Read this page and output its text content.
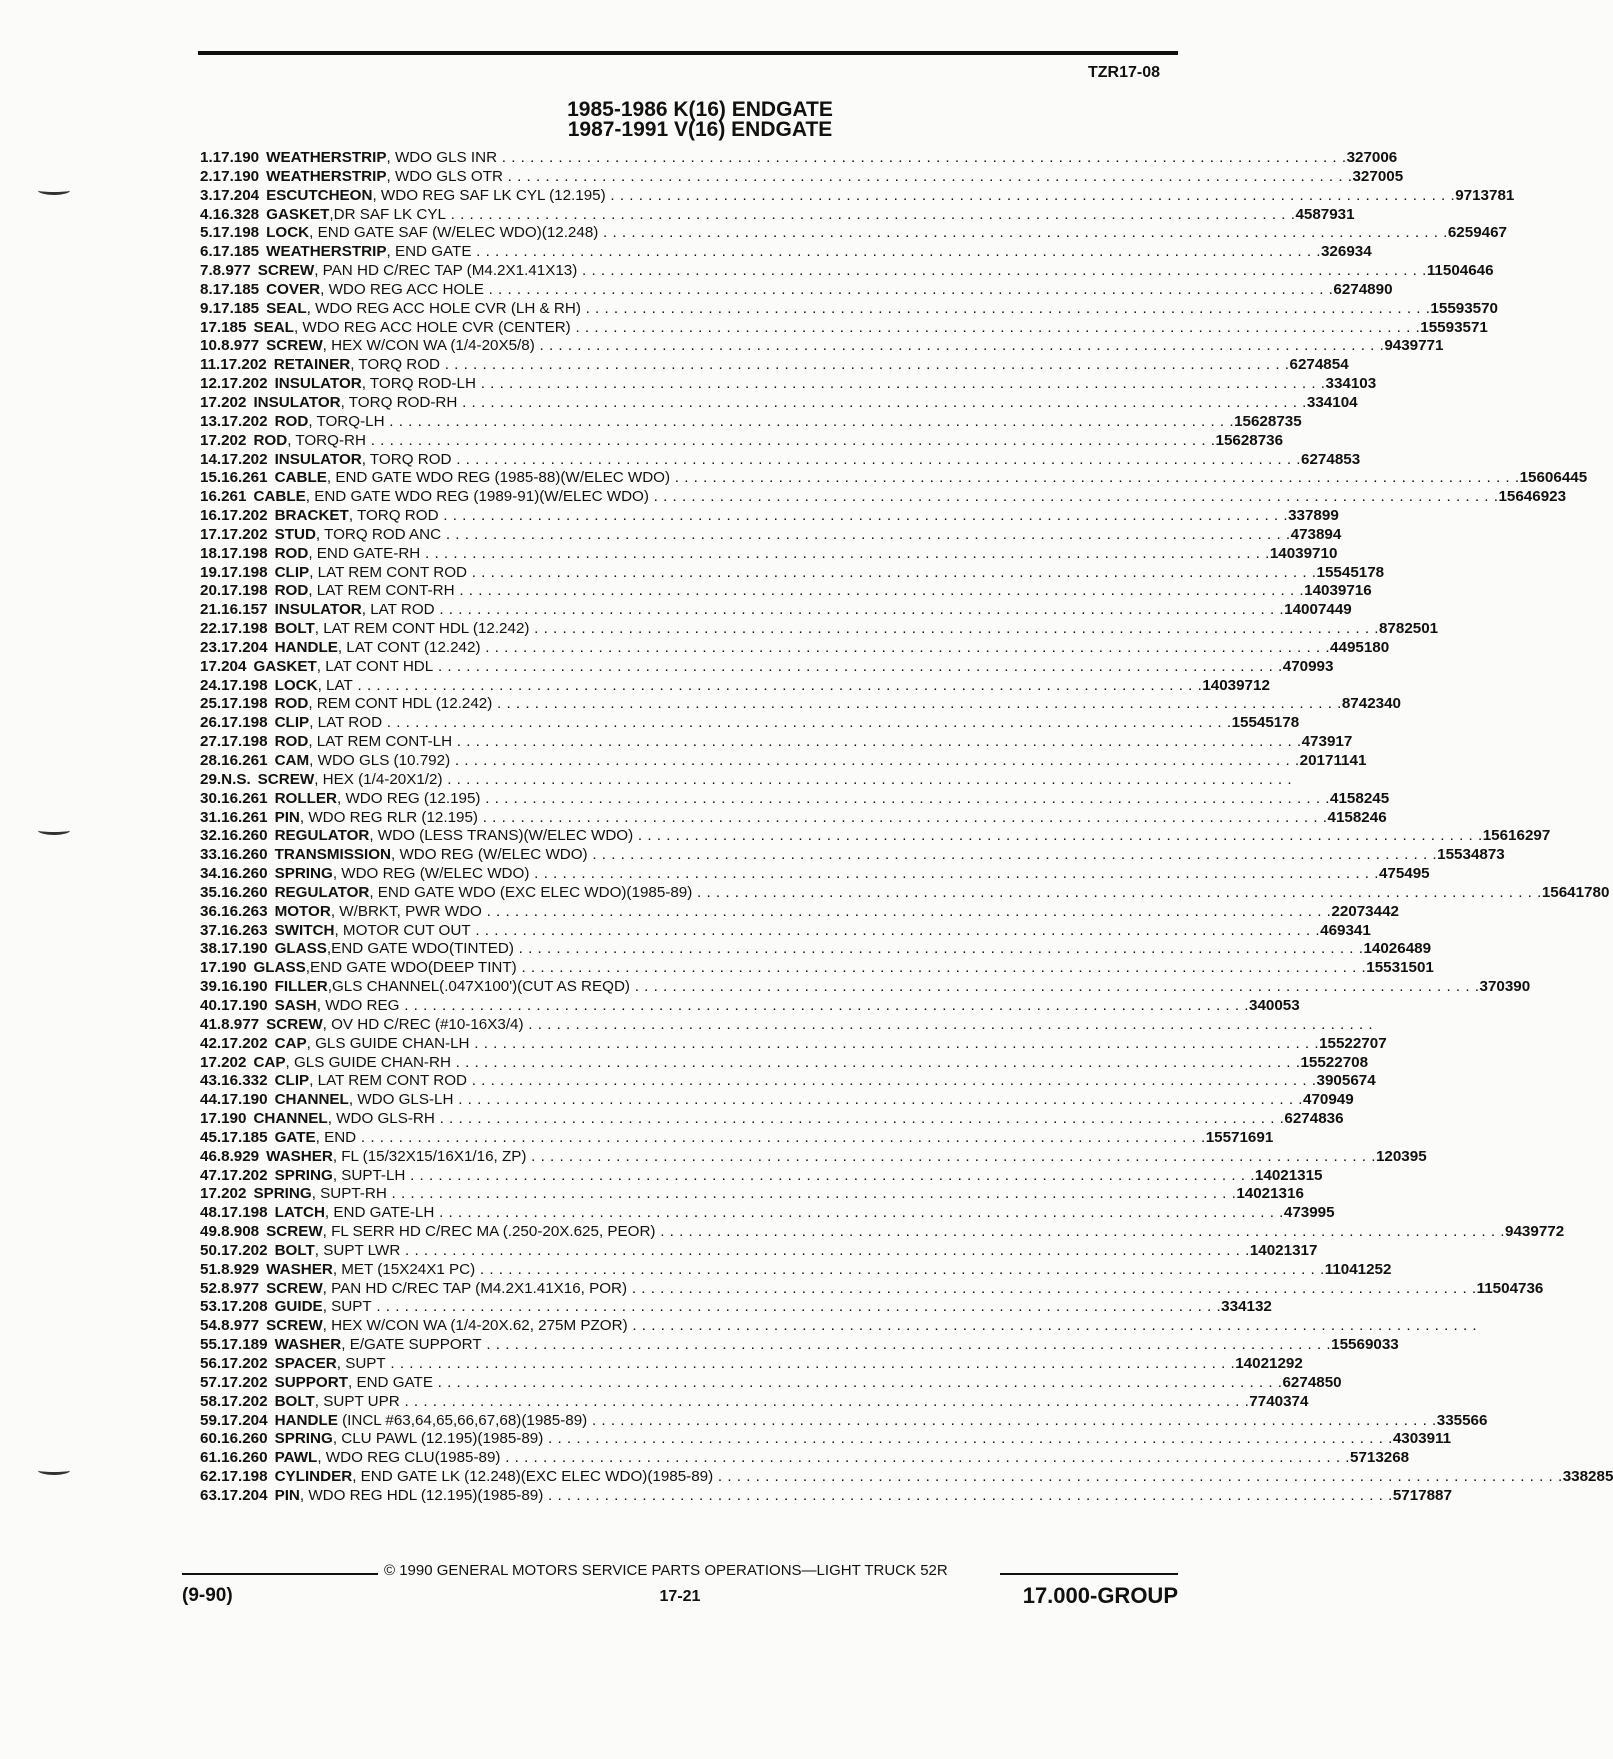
TZR17-08
1985-1986 K(16) ENDGATE
1987-1991 V(16) ENDGATE
1. 17.190 WEATHERSTRIP, WDO GLS INR . . . . . . . . . . . . . . . . . . . . . . . . . . . . . . . . . . . . . . . . . . . . . . . . . . . . . . . . . . . . . . . . . . . . . . . . . . . . . . . . . . . . . . . . . . 327006
2. 17.190 WEATHERSTRIP, WDO GLS OTR . . . . . . . . . . . . . . . . . . . . . . . . . . . . . . . . . . . . . . . . . . . . . . . . . . . . . . . . . . . . . . . . . . . . . . . . . . . . . . . . . . . . . . . . . . 327005
3. 17.204 ESCUTCHEON, WDO REG SAF LK CYL (12.195) . . . . . . . . . . . . . . . . . . . . . . . . . . . . . . . . . . . . . . . . . . . . . . . . . . . . . . . . . . . . . . . . . . . . . . . . . . . . . . . . . . . . . . . . . . 9713781
4. 16.328 GASKET,DR SAF LK CYL . . . . . . . . . . . . . . . . . . . . . . . . . . . . . . . . . . . . . . . . . . . . . . . . . . . . . . . . . . . . . . . . . . . . . . . . . . . . . . . . . . . . . . . . . . 4587931
5. 17.198 LOCK, END GATE SAF (W/ELEC WDO)(12.248) . . . . . . . . . . . . . . . . . . . . . . . . . . . . . . . . . . . . . . . . . . . . . . . . . . . . . . . . . . . . . . . . . . . . . . . . . . . . . . . . . . . . . . . . . . 6259467
6. 17.185 WEATHERSTRIP, END GATE . . . . . . . . . . . . . . . . . . . . . . . . . . . . . . . . . . . . . . . . . . . . . . . . . . . . . . . . . . . . . . . . . . . . . . . . . . . . . . . . . . . . . . . . . . 326934
7. 8.977 SCREW, PAN HD C/REC TAP (M4.2X1.41X13) . . . . . . . . . . . . . . . . . . . . . . . . . . . . . . . . . . . . . . . . . . . . . . . . . . . . . . . . . . . . . . . . . . . . . . . . . . . . . . . . . . . . . . . . . . 11504646
8. 17.185 COVER, WDO REG ACC HOLE . . . . . . . . . . . . . . . . . . . . . . . . . . . . . . . . . . . . . . . . . . . . . . . . . . . . . . . . . . . . . . . . . . . . . . . . . . . . . . . . . . . . . . . . . . 6274890
9. 17.185 SEAL, WDO REG ACC HOLE CVR (LH & RH) . . . . . . . . . . . . . . . . . . . . . . . . . . . . . . . . . . . . . . . . . . . . . . . . . . . . . . . . . . . . . . . . . . . . . . . . . . . . . . . . . . . . . . . . . . 15593570
17.185 SEAL, WDO REG ACC HOLE CVR (CENTER) . . . . . . . . . . . . . . . . . . . . . . . . . . . . . . . . . . . . . . . . . . . . . . . . . . . . . . . . . . . . . . . . . . . . . . . . . . . . . . . . . . . . . . . . . . 15593571
10. 8.977 SCREW, HEX W/CON WA (1/4-20X5/8) . . . . . . . . . . . . . . . . . . . . . . . . . . . . . . . . . . . . . . . . . . . . . . . . . . . . . . . . . . . . . . . . . . . . . . . . . . . . . . . . . . . . . . . . . . 9439771
11. 17.202 RETAINER, TORQ ROD . . . . . . . . . . . . . . . . . . . . . . . . . . . . . . . . . . . . . . . . . . . . . . . . . . . . . . . . . . . . . . . . . . . . . . . . . . . . . . . . . . . . . . . . . . 6274854
12. 17.202 INSULATOR, TORQ ROD-LH . . . . . . . . . . . . . . . . . . . . . . . . . . . . . . . . . . . . . . . . . . . . . . . . . . . . . . . . . . . . . . . . . . . . . . . . . . . . . . . . . . . . . . . . . . 334103
17.202 INSULATOR, TORQ ROD-RH . . . . . . . . . . . . . . . . . . . . . . . . . . . . . . . . . . . . . . . . . . . . . . . . . . . . . . . . . . . . . . . . . . . . . . . . . . . . . . . . . . . . . . . . . . 334104
13. 17.202 ROD, TORQ-LH . . . . . . . . . . . . . . . . . . . . . . . . . . . . . . . . . . . . . . . . . . . . . . . . . . . . . . . . . . . . . . . . . . . . . . . . . . . . . . . . . . . . . . . . . . 15628735
17.202 ROD, TORQ-RH . . . . . . . . . . . . . . . . . . . . . . . . . . . . . . . . . . . . . . . . . . . . . . . . . . . . . . . . . . . . . . . . . . . . . . . . . . . . . . . . . . . . . . . . . . 15628736
14. 17.202 INSULATOR, TORQ ROD . . . . . . . . . . . . . . . . . . . . . . . . . . . . . . . . . . . . . . . . . . . . . . . . . . . . . . . . . . . . . . . . . . . . . . . . . . . . . . . . . . . . . . . . . . 6274853
15. 16.261 CABLE, END GATE WDO REG (1985-88)(W/ELEC WDO) . . . . . . . . . . . . . . . . . . . . . . . . . . . . . . . . . . . . . . . . . . . . . . . . . . . . . . . . . . . . . . . . . . . . . . . . . . . . . . . . . . . . . . . . . . 15606445
16.261 CABLE, END GATE WDO REG (1989-91)(W/ELEC WDO) . . . . . . . . . . . . . . . . . . . . . . . . . . . . . . . . . . . . . . . . . . . . . . . . . . . . . . . . . . . . . . . . . . . . . . . . . . . . . . . . . . . . . . . . . . 15646923
16. 17.202 BRACKET, TORQ ROD . . . . . . . . . . . . . . . . . . . . . . . . . . . . . . . . . . . . . . . . . . . . . . . . . . . . . . . . . . . . . . . . . . . . . . . . . . . . . . . . . . . . . . . . . . 337899
17. 17.202 STUD, TORQ ROD ANC . . . . . . . . . . . . . . . . . . . . . . . . . . . . . . . . . . . . . . . . . . . . . . . . . . . . . . . . . . . . . . . . . . . . . . . . . . . . . . . . . . . . . . . . . . 473894
18. 17.198 ROD, END GATE-RH . . . . . . . . . . . . . . . . . . . . . . . . . . . . . . . . . . . . . . . . . . . . . . . . . . . . . . . . . . . . . . . . . . . . . . . . . . . . . . . . . . . . . . . . . . 14039710
19. 17.198 CLIP, LAT REM CONT ROD . . . . . . . . . . . . . . . . . . . . . . . . . . . . . . . . . . . . . . . . . . . . . . . . . . . . . . . . . . . . . . . . . . . . . . . . . . . . . . . . . . . . . . . . . . 15545178
20. 17.198 ROD, LAT REM CONT-RH . . . . . . . . . . . . . . . . . . . . . . . . . . . . . . . . . . . . . . . . . . . . . . . . . . . . . . . . . . . . . . . . . . . . . . . . . . . . . . . . . . . . . . . . . . 14039716
21. 16.157 INSULATOR, LAT ROD . . . . . . . . . . . . . . . . . . . . . . . . . . . . . . . . . . . . . . . . . . . . . . . . . . . . . . . . . . . . . . . . . . . . . . . . . . . . . . . . . . . . . . . . . . 14007449
22. 17.198 BOLT, LAT REM CONT HDL (12.242) . . . . . . . . . . . . . . . . . . . . . . . . . . . . . . . . . . . . . . . . . . . . . . . . . . . . . . . . . . . . . . . . . . . . . . . . . . . . . . . . . . . . . . . . . . 8782501
23. 17.204 HANDLE, LAT CONT (12.242) . . . . . . . . . . . . . . . . . . . . . . . . . . . . . . . . . . . . . . . . . . . . . . . . . . . . . . . . . . . . . . . . . . . . . . . . . . . . . . . . . . . . . . . . . . 4495180
17.204 GASKET, LAT CONT HDL . . . . . . . . . . . . . . . . . . . . . . . . . . . . . . . . . . . . . . . . . . . . . . . . . . . . . . . . . . . . . . . . . . . . . . . . . . . . . . . . . . . . . . . . . . 470993
24. 17.198 LOCK, LAT . . . . . . . . . . . . . . . . . . . . . . . . . . . . . . . . . . . . . . . . . . . . . . . . . . . . . . . . . . . . . . . . . . . . . . . . . . . . . . . . . . . . . . . . . . 14039712
25. 17.198 ROD, REM CONT HDL (12.242) . . . . . . . . . . . . . . . . . . . . . . . . . . . . . . . . . . . . . . . . . . . . . . . . . . . . . . . . . . . . . . . . . . . . . . . . . . . . . . . . . . . . . . . . . . 8742340
26. 17.198 CLIP, LAT ROD . . . . . . . . . . . . . . . . . . . . . . . . . . . . . . . . . . . . . . . . . . . . . . . . . . . . . . . . . . . . . . . . . . . . . . . . . . . . . . . . . . . . . . . . . . 15545178
27. 17.198 ROD, LAT REM CONT-LH . . . . . . . . . . . . . . . . . . . . . . . . . . . . . . . . . . . . . . . . . . . . . . . . . . . . . . . . . . . . . . . . . . . . . . . . . . . . . . . . . . . . . . . . . . 473917
28. 16.261 CAM, WDO GLS (10.792) . . . . . . . . . . . . . . . . . . . . . . . . . . . . . . . . . . . . . . . . . . . . . . . . . . . . . . . . . . . . . . . . . . . . . . . . . . . . . . . . . . . . . . . . . . 20171141
29. N.S. SCREW, HEX (1/4-20X1/2) . . . . . . . . . . . . . . . . . . . . . . . . . . . . . . . . . . . . . . . . . . . . . . . . . . . . . . . . . . . . . . . . . . . . . . . . . . . . . . . . . . . . . . . . . .
30. 16.261 ROLLER, WDO REG (12.195) . . . . . . . . . . . . . . . . . . . . . . . . . . . . . . . . . . . . . . . . . . . . . . . . . . . . . . . . . . . . . . . . . . . . . . . . . . . . . . . . . . . . . . . . . . 4158245
31. 16.261 PIN, WDO REG RLR (12.195) . . . . . . . . . . . . . . . . . . . . . . . . . . . . . . . . . . . . . . . . . . . . . . . . . . . . . . . . . . . . . . . . . . . . . . . . . . . . . . . . . . . . . . . . . . 4158246
32. 16.260 REGULATOR, WDO (LESS TRANS)(W/ELEC WDO) . . . . . . . . . . . . . . . . . . . . . . . . . . . . . . . . . . . . . . . . . . . . . . . . . . . . . . . . . . . . . . . . . . . . . . . . . . . . . . . . . . . . . . . . . . 15616297
33. 16.260 TRANSMISSION, WDO REG (W/ELEC WDO) . . . . . . . . . . . . . . . . . . . . . . . . . . . . . . . . . . . . . . . . . . . . . . . . . . . . . . . . . . . . . . . . . . . . . . . . . . . . . . . . . . . . . . . . . . 15534873
34. 16.260 SPRING, WDO REG (W/ELEC WDO) . . . . . . . . . . . . . . . . . . . . . . . . . . . . . . . . . . . . . . . . . . . . . . . . . . . . . . . . . . . . . . . . . . . . . . . . . . . . . . . . . . . . . . . . . . 475495
35. 16.260 REGULATOR, END GATE WDO (EXC ELEC WDO)(1985-89) . . . . . . . . . . . . . . . . . . . . . . . . . . . . . . . . . . . . . . . . . . . . . . . . . . . . . . . . . . . . . . . . . . . . . . . . . . . . . . . . . . . . . . . . . . 15641780
36. 16.263 MOTOR, W/BRKT, PWR WDO . . . . . . . . . . . . . . . . . . . . . . . . . . . . . . . . . . . . . . . . . . . . . . . . . . . . . . . . . . . . . . . . . . . . . . . . . . . . . . . . . . . . . . . . . . 22073442
37. 16.263 SWITCH, MOTOR CUT OUT . . . . . . . . . . . . . . . . . . . . . . . . . . . . . . . . . . . . . . . . . . . . . . . . . . . . . . . . . . . . . . . . . . . . . . . . . . . . . . . . . . . . . . . . . . 469341
38. 17.190 GLASS,END GATE WDO(TINTED) . . . . . . . . . . . . . . . . . . . . . . . . . . . . . . . . . . . . . . . . . . . . . . . . . . . . . . . . . . . . . . . . . . . . . . . . . . . . . . . . . . . . . . . . . . 14026489
17.190 GLASS,END GATE WDO(DEEP TINT) . . . . . . . . . . . . . . . . . . . . . . . . . . . . . . . . . . . . . . . . . . . . . . . . . . . . . . . . . . . . . . . . . . . . . . . . . . . . . . . . . . . . . . . . . . 15531501
39. 16.190 FILLER,GLS CHANNEL(.047X100')(CUT AS REQD) . . . . . . . . . . . . . . . . . . . . . . . . . . . . . . . . . . . . . . . . . . . . . . . . . . . . . . . . . . . . . . . . . . . . . . . . . . . . . . . . . . . . . . . . . . 370390
40. 17.190 SASH, WDO REG . . . . . . . . . . . . . . . . . . . . . . . . . . . . . . . . . . . . . . . . . . . . . . . . . . . . . . . . . . . . . . . . . . . . . . . . . . . . . . . . . . . . . . . . . . 340053
41. 8.977 SCREW, OV HD C/REC (#10-16X3/4) . . . . . . . . . . . . . . . . . . . . . . . . . . . . . . . . . . . . . . . . . . . . . . . . . . . . . . . . . . . . . . . . . . . . . . . . . . . . . . . . . . . . . . . . . .
42. 17.202 CAP, GLS GUIDE CHAN-LH . . . . . . . . . . . . . . . . . . . . . . . . . . . . . . . . . . . . . . . . . . . . . . . . . . . . . . . . . . . . . . . . . . . . . . . . . . . . . . . . . . . . . . . . . . 15522707
17.202 CAP, GLS GUIDE CHAN-RH . . . . . . . . . . . . . . . . . . . . . . . . . . . . . . . . . . . . . . . . . . . . . . . . . . . . . . . . . . . . . . . . . . . . . . . . . . . . . . . . . . . . . . . . . . 15522708
43. 16.332 CLIP, LAT REM CONT ROD . . . . . . . . . . . . . . . . . . . . . . . . . . . . . . . . . . . . . . . . . . . . . . . . . . . . . . . . . . . . . . . . . . . . . . . . . . . . . . . . . . . . . . . . . . 3905674
44. 17.190 CHANNEL, WDO GLS-LH . . . . . . . . . . . . . . . . . . . . . . . . . . . . . . . . . . . . . . . . . . . . . . . . . . . . . . . . . . . . . . . . . . . . . . . . . . . . . . . . . . . . . . . . . . 470949
17.190 CHANNEL, WDO GLS-RH . . . . . . . . . . . . . . . . . . . . . . . . . . . . . . . . . . . . . . . . . . . . . . . . . . . . . . . . . . . . . . . . . . . . . . . . . . . . . . . . . . . . . . . . . . 6274836
45. 17.185 GATE, END . . . . . . . . . . . . . . . . . . . . . . . . . . . . . . . . . . . . . . . . . . . . . . . . . . . . . . . . . . . . . . . . . . . . . . . . . . . . . . . . . . . . . . . . . . 15571691
46. 8.929 WASHER, FL (15/32X15/16X1/16, ZP) . . . . . . . . . . . . . . . . . . . . . . . . . . . . . . . . . . . . . . . . . . . . . . . . . . . . . . . . . . . . . . . . . . . . . . . . . . . . . . . . . . . . . . . . . . 120395
47. 17.202 SPRING, SUPT-LH . . . . . . . . . . . . . . . . . . . . . . . . . . . . . . . . . . . . . . . . . . . . . . . . . . . . . . . . . . . . . . . . . . . . . . . . . . . . . . . . . . . . . . . . . . 14021315
17.202 SPRING, SUPT-RH . . . . . . . . . . . . . . . . . . . . . . . . . . . . . . . . . . . . . . . . . . . . . . . . . . . . . . . . . . . . . . . . . . . . . . . . . . . . . . . . . . . . . . . . . . 14021316
48. 17.198 LATCH, END GATE-LH . . . . . . . . . . . . . . . . . . . . . . . . . . . . . . . . . . . . . . . . . . . . . . . . . . . . . . . . . . . . . . . . . . . . . . . . . . . . . . . . . . . . . . . . . . 473995
49. 8.908 SCREW, FL SERR HD C/REC MA (.250-20X.625, PEOR) . . . . . . . . . . . . . . . . . . . . . . . . . . . . . . . . . . . . . . . . . . . . . . . . . . . . . . . . . . . . . . . . . . . . . . . . . . . . . . . . . . . . . . . . . . 9439772
50. 17.202 BOLT, SUPT LWR . . . . . . . . . . . . . . . . . . . . . . . . . . . . . . . . . . . . . . . . . . . . . . . . . . . . . . . . . . . . . . . . . . . . . . . . . . . . . . . . . . . . . . . . . . 14021317
51. 8.929 WASHER, MET (15X24X1 PC) . . . . . . . . . . . . . . . . . . . . . . . . . . . . . . . . . . . . . . . . . . . . . . . . . . . . . . . . . . . . . . . . . . . . . . . . . . . . . . . . . . . . . . . . . . 11041252
52. 8.977 SCREW, PAN HD C/REC TAP (M4.2X1.41X16, POR) . . . . . . . . . . . . . . . . . . . . . . . . . . . . . . . . . . . . . . . . . . . . . . . . . . . . . . . . . . . . . . . . . . . . . . . . . . . . . . . . . . . . . . . . . . 11504736
53. 17.208 GUIDE, SUPT . . . . . . . . . . . . . . . . . . . . . . . . . . . . . . . . . . . . . . . . . . . . . . . . . . . . . . . . . . . . . . . . . . . . . . . . . . . . . . . . . . . . . . . . . . 334132
54. 8.977 SCREW, HEX W/CON WA (1/4-20X.62, 275M PZOR) . . . . . . . . . . . . . . . . . . . . . . . . . . . . . . . . . . . . . . . . . . . . . . . . . . . . . . . . . . . . . . . . . . . . . . . . . . . . . . . . . . . . . . . . . .
55. 17.189 WASHER, E/GATE SUPPORT . . . . . . . . . . . . . . . . . . . . . . . . . . . . . . . . . . . . . . . . . . . . . . . . . . . . . . . . . . . . . . . . . . . . . . . . . . . . . . . . . . . . . . . . . . 15569033
56. 17.202 SPACER, SUPT . . . . . . . . . . . . . . . . . . . . . . . . . . . . . . . . . . . . . . . . . . . . . . . . . . . . . . . . . . . . . . . . . . . . . . . . . . . . . . . . . . . . . . . . . . 14021292
57. 17.202 SUPPORT, END GATE . . . . . . . . . . . . . . . . . . . . . . . . . . . . . . . . . . . . . . . . . . . . . . . . . . . . . . . . . . . . . . . . . . . . . . . . . . . . . . . . . . . . . . . . . . 6274850
58. 17.202 BOLT, SUPT UPR . . . . . . . . . . . . . . . . . . . . . . . . . . . . . . . . . . . . . . . . . . . . . . . . . . . . . . . . . . . . . . . . . . . . . . . . . . . . . . . . . . . . . . . . . . 7740374
59. 17.204 HANDLE (INCL #63,64,65,66,67,68)(1985-89) . . . . . . . . . . . . . . . . . . . . . . . . . . . . . . . . . . . . . . . . . . . . . . . . . . . . . . . . . . . . . . . . . . . . . . . . . . . . . . . . . . . . . . . . . . 335566
60. 16.260 SPRING, CLU PAWL (12.195)(1985-89) . . . . . . . . . . . . . . . . . . . . . . . . . . . . . . . . . . . . . . . . . . . . . . . . . . . . . . . . . . . . . . . . . . . . . . . . . . . . . . . . . . . . . . . . . . 4303911
61. 16.260 PAWL, WDO REG CLU(1985-89) . . . . . . . . . . . . . . . . . . . . . . . . . . . . . . . . . . . . . . . . . . . . . . . . . . . . . . . . . . . . . . . . . . . . . . . . . . . . . . . . . . . . . . . . . . 5713268
62. 17.198 CYLINDER, END GATE LK (12.248)(EXC ELEC WDO)(1985-89) . . . . . . . . . . . . . . . . . . . . . . . . . . . . . . . . . . . . . . . . . . . . . . . . . . . . . . . . . . . . . . . . . . . . . . . . . . . . . . . . . . . . . . . . . . 338285
63. 17.204 PIN, WDO REG HDL (12.195)(1985-89) . . . . . . . . . . . . . . . . . . . . . . . . . . . . . . . . . . . . . . . . . . . . . . . . . . . . . . . . . . . . . . . . . . . . . . . . . . . . . . . . . . . . . . . . . . 5717887
© 1990 GENERAL MOTORS SERVICE PARTS OPERATIONS—LIGHT TRUCK 52R
(9-90)	17-21	17.000-GROUP
